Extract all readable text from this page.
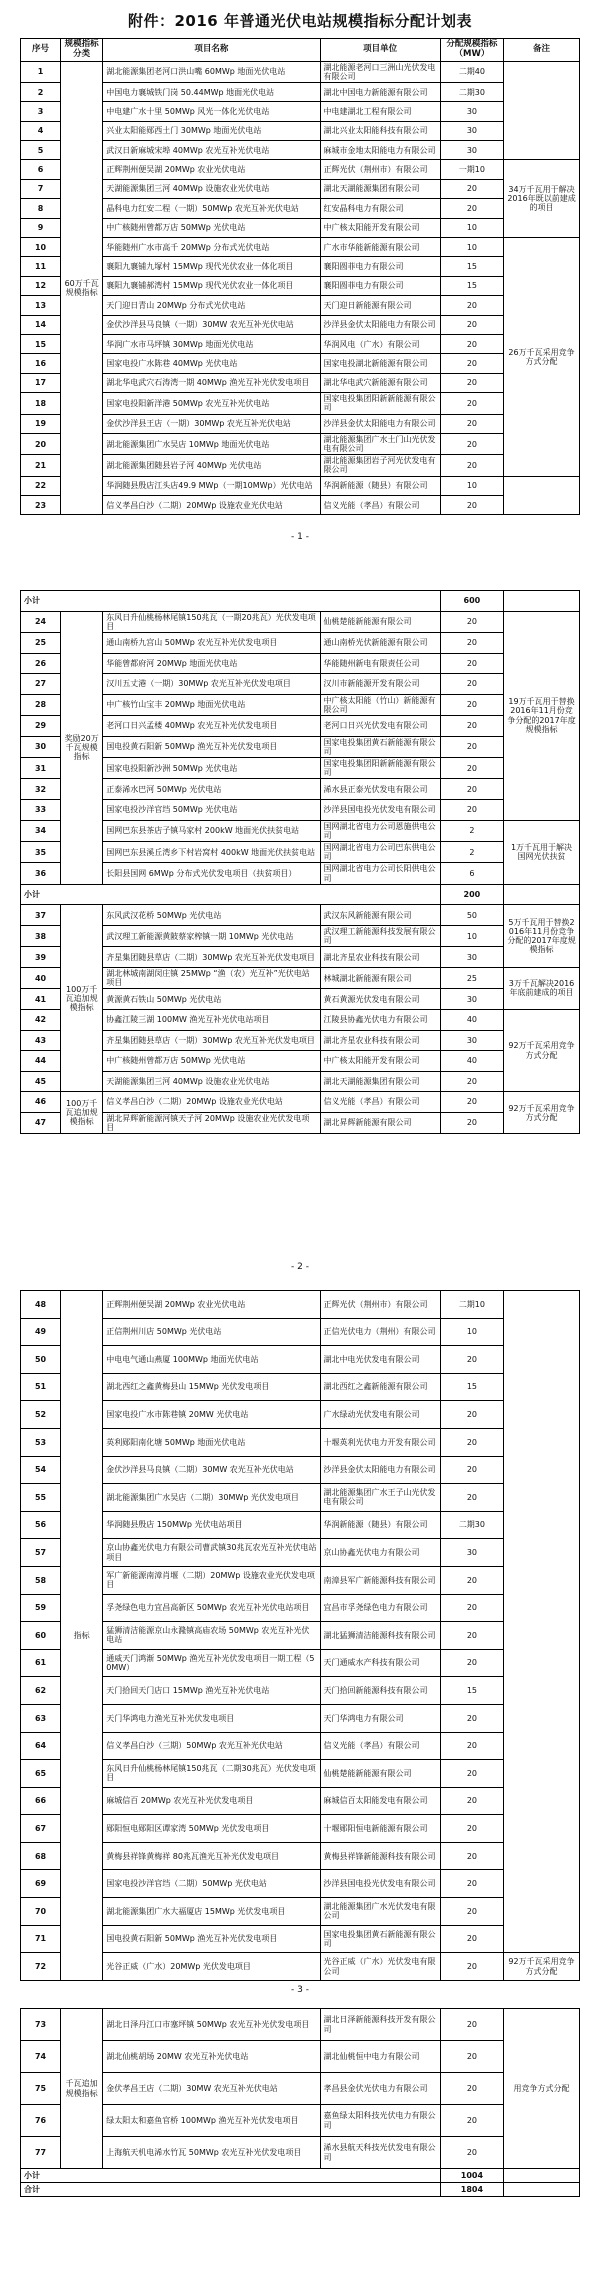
附件：2016 年普通光伏电站规模指标分配计划表
序号	规模指标分类	项目名称	项目单位	分配规模指标（MW）	备注
1	60万千瓦规模指标	湖北能源集团老河口洪山嘴 60MWp 地面光伏电站	湖北能源老河口三洲山光伏发电有限公司	二期40	
2		中国电力襄城铁门岗 50.44MWp 地面光伏电站	湖北中国电力新能源有限公司	二期30	
3		中电建广水十里 50MWp 风光一体化光伏电站	中电建湖北工程有限公司	30	
4		兴业太阳能郧西土门 30MWp 地面光伏电站	湖北兴业太阳能科技有限公司	30	
5		武汉日新麻城宋埠 40MWp 农光互补光伏电站	麻城市金地太阳能电力有限公司	30	
6		正辉荆州便吴湖 20MWp 农业光伏电站	正辉光伏（荆州市）有限公司	一期10	34万千瓦用于解决2016年既以前建成的项目
7		天湖能源集团三河 40MWp 设施农业光伏电站	湖北天湖能源集团有限公司	20	
8		晶科电力红安二程（一期）50MWp 农光互补光伏电站	红安晶科电力有限公司	20	
9		中广核随州曾都万店 50MWp 光伏电站	中广核太阳能开发有限公司	10	
10		华能随州广水市高千 20MWp 分布式光伏电站	广水市华能新能源有限公司	10	26万千瓦采用竞争方式分配
11		襄阳九襄铺九塚村 15MWp 现代光伏农业一体化项目	襄阳圆菲电力有限公司	15	
12		襄阳九襄铺郝湾村 15MWp 现代光伏农业一体化项目	襄阳圆菲电力有限公司	15	
13		天门迎日青山 20MWp 分布式光伏电站	天门迎日新能源有限公司	20	
14		金伏沙洋县马良镇（一期）30MW 农光互补光伏电站	沙洋县金伏太阳能电力有限公司	20	
15		华润广水市马坪镇 30MWp 地面光伏电站	华润风电（广水）有限公司	20	
16		国家电投广水陈巷 40MWp 光伏电站	国家电投湖北新能源有限公司	20	
17		湖北华电武穴石涛湾一期 40MWp 渔光互补光伏发电项目	湖北华电武穴新能源有限公司	20	
18		国家电投阳新洋港 50MWp 农光互补光伏电站	国家电投集团阳新新能源有限公司	20	
19		金伏沙洋县王店（一期）30MWp 农光互补光伏电站	沙洋县金伏太阳能电力有限公司	20	
20		湖北能源集团广水吴店 10MWp 地面光伏电站	湖北能源集团广水土门山光伏发电有限公司	20	
21		湖北能源集团随县岩子河 40MWp 光伏电站	湖北能源集团岩子河光伏发电有限公司	20	
22		华润随县殷店江头店49.9 MWp（一期10MWp）光伏电站	华润新能源（随县）有限公司	10	
23		信义孝昌白沙（二期）20MWp 设施农业光伏电站	信义光能（孝昌）有限公司	20	
- 1 -
小计				600	
24	奖励20万千瓦规模指标	东风日升仙桃杨林尾镇150兆瓦（一期20兆瓦）光伏发电项目	仙桃楚能新能源有限公司	20	19万千瓦用于替换2016年11月份竞争分配的2017年度规模指标
25		通山南桥九宫山 50MWp 农光互补光伏发电项目	通山南桥光伏新能源有限公司	20	
26		华能曾都府河 20MWp 地面光伏电站	华能随州新电有限责任公司	20	
27		汉川五丈港（一期）30MWp 农光互补光伏发电项目	汉川市新能源开发有限公司	20	
28		中广核竹山宝丰 20MWp 地面光伏电站	中广核太阳能（竹山）新能源有限公司	20	
29		老河口日兴孟楼 40MWp 农光互补光伏发电项目	老河口日兴光伏发电有限公司	20	
30		国电投黄石阳新 50MWp 渔光互补光伏发电项目	国家电投集团黄石新能源有限公司	20	
31		国家电投阳新沙洲 50MWp 光伏电站	国家电投集团阳新新能源有限公司	20	
32		正泰浠水巴河 50MWp 光伏电站	浠水县正泰光伏发电有限公司	20	
33		国家电投沙洋官垱 50MWp 光伏电站	沙洋县国电投光伏发电有限公司	20	
34		国网巴东县茶店子镇马家村 200kW 地面光伏扶贫电站	国网湖北省电力公司恩施供电公司	2	1万千瓦用于解决国网光伏扶贫
35		国网巴东县溪丘湾乡下村岩窝村 400kW 地面光伏扶贫电站	国网湖北省电力公司巴东供电公司	2	
36		长阳县国网 6MWp 分布式光伏发电项目（扶贫项目）	国网湖北省电力公司长阳供电公司	6	
小计				200	
37	100万千瓦追加规模指标	东风武汉花桥 50MWp 光伏电站	武汉东风新能源有限公司	50	5万千瓦用于替换2016年11月份竞争分配的2017年度规模指标
38		武汉理工新能源黄陂蔡家榨镇一期 10MWp 光伏电站	武汉理工新能源科技发展有限公司	10	
39		齐星集团随县草店（二期）30MWp 农光互补光伏发电项目	湖北齐星农业科技有限公司	30	
40		湖北林城南湖闵庄镇 25MWp “渔（农）光互补”光伏电站项目	林城湖北新能源有限公司	25	3万千瓦解决2016年底前建成的项目
41		黄源黄石铁山 50MWp 光伏电站	黄石黄源光伏发电有限公司	30	
42		协鑫江陵三湖 100MW 渔光互补光伏电站项目	江陵县协鑫光伏电力有限公司	40	92万千瓦采用竞争方式分配
43		齐星集团随县草店（一期）30MWp 农光互补光伏发电项目	湖北齐星农业科技有限公司	30	
44		中广核随州曾都万店 50MWp 光伏电站	中广核太阳能开发有限公司	40	
45		天湖能源集团三河 40MWp 设施农业光伏电站	湖北天湖能源集团有限公司	20	
46	100万千瓦追加规模指标	信义孝昌白沙（二期）20MWp 设施农业光伏电站	信义光能（孝昌）有限公司	20	92万千瓦采用竞争方式分配
47		湖北昇辉新能源河镇天子河 20MWp 设施农业光伏发电项目	湖北昇辉新能源有限公司	20	
- 2 -
48	指标	正辉荆州便吴湖 20MWp 农业光伏电站	正辉光伏（荆州市）有限公司	二期10	
49		正信荆州川店 50MWp 光伏电站	正信光伏电力（荆州）有限公司	10	
50		中电电气通山燕厦 100MWp 地面光伏电站	湖北中电光伏发电有限公司	20	
51		湖北西红之鑫黄梅县山 15MWp 光伏发电项目	湖北西红之鑫新能源有限公司	15	
52		国家电投广水市陈巷镇 20MW 光伏电站	广水绿动光伏发电有限公司	20	
53		英利郧阳南化塘 50MWp 地面光伏电站	十堰英利光伏电力开发有限公司	20	
54		金伏沙洋县马良镇（二期）30MW 农光互补光伏电站	沙洋县金伏太阳能电力有限公司	20	
55		湖北能源集团广水吴店（二期）30MWp 光伏发电项目	湖北能源集团广水王子山光伏发电有限公司	20	
56		华润随县殷店 150MWp 光伏电站项目	华润新能源（随县）有限公司	二期30	
57		京山协鑫光伏电力有限公司曹武镇30兆瓦农光互补光伏电站项目	京山协鑫光伏电力有限公司	30	
58		军广新能源南漳肖堰（二期）20MWp 设施农业光伏发电项目	南漳县军广新能源科技有限公司	20	
59		孚尧绿色电力宜昌高新区 50MWp 农光互补光伏电站项目	宜昌市孚尧绿色电力有限公司	20	
60		猛狮清洁能源京山永漋镇高庙农场 50MWp 农光互补光伏电站	湖北猛狮清洁能源科技有限公司	20	
61		通威天门鸿渐 50MWp 渔光互补光伏发电项目一期工程（50MW）	天门通威水产科技有限公司	20	
62		天门拾回天门店口 15MWp 渔光互补光伏电站	天门拾回新能源科技有限公司	15	
63		天门华鸿电力渔光互补光伏发电项目	天门华鸿电力有限公司	20	
64		信义孝昌白沙（三期）50MWp 农光互补光伏电站	信义光能（孝昌）有限公司	20	
65		东风日升仙桃杨林尾镇150兆瓦（二期30兆瓦）光伏发电项目	仙桃楚能新能源有限公司	20	
66		麻城信百 20MWp 农光互补光伏发电项目	麻城信百太阳能发电有限公司	20	
67		郧阳恒电郧阳区谭家湾 50MWp 光伏发电项目	十堰郧阳恒电新能源有限公司	20	
68		黄梅县祥锋黄梅祥 80兆瓦渔光互补光伏发电项目	黄梅县祥锋新能源科技有限公司	20	
69		国家电投沙洋官垱（二期）50MWp 光伏电站	沙洋县国电投光伏发电有限公司	20	
70		湖北能源集团广水大福厦店 15MWp 光伏发电项目	湖北能源集团广水光伏发电有限公司	20	
71		国电投黄石阳新 50MWp 渔光互补光伏发电项目	国家电投集团黄石新能源有限公司	20	
72		光谷正威（广水）20MWp 光伏发电项目	光谷正威（广水）光伏发电有限公司	20	92万千瓦采用竞争方式分配
- 3 -
73	千瓦追加规模指标	湖北日泽丹江口市塞坪镇 50MWp 农光互补光伏发电项目	湖北日泽新能源科技开发有限公司	20	用竞争方式分配
74		湖北仙桃胡场 20MW 农光互补光伏电站	湖北仙桃恒中电力有限公司	20	
75		金伏孝昌王店（二期）30MW 农光互补光伏电站	孝昌县金伏光伏电力有限公司	20	
76		绿太阳太和嘉鱼官桥 100MWp 渔光互补光伏发电项目	嘉鱼绿太阳科技光伏电力有限公司	20	
77		上海航天机电浠水竹瓦 50MWp 农光互补光伏发电项目	浠水县航天科技光伏发电有限公司	20	
小计				1004	
合计				1804	
